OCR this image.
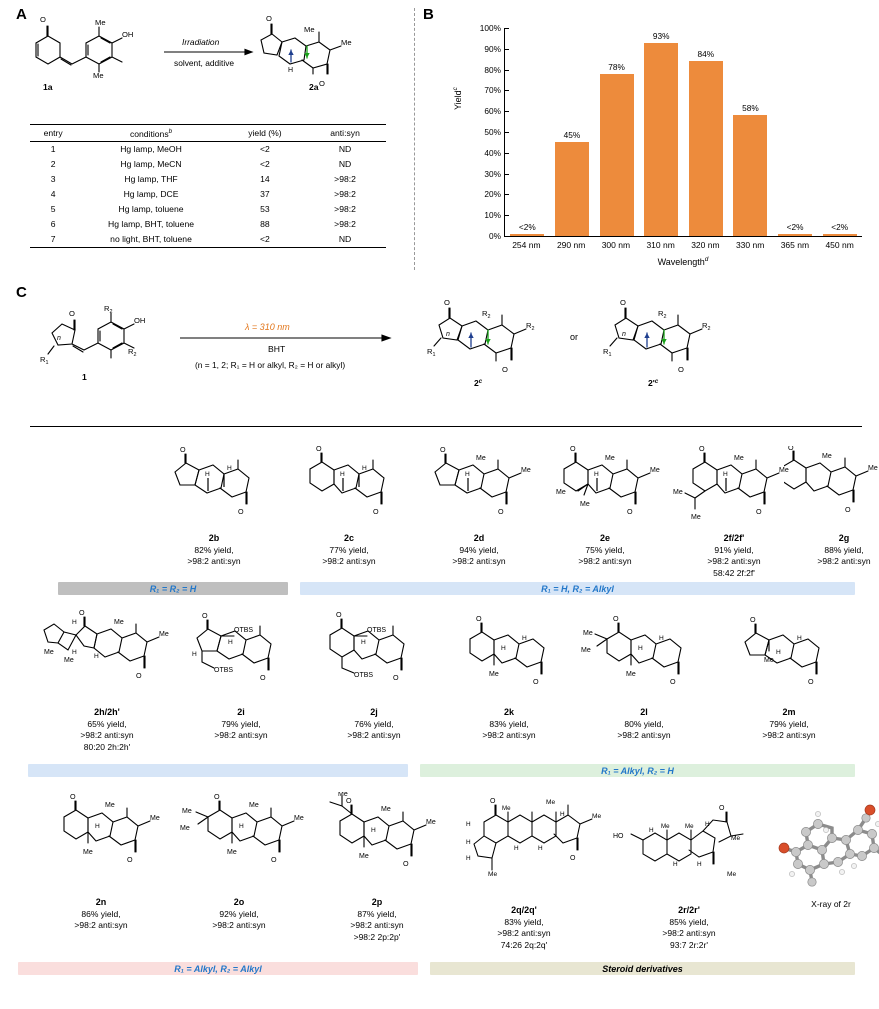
A O	Me
OH
Me
1a
Irradiation
solvent, additive
O
Me
Me
O
H
2a
entry	conditions$^b$	yield (%)	anti:syn
1	Hg lamp, MeOH	<2	ND
2	Hg lamp, MeCN	<2	ND
3	Hg lamp, THF	14	>98:2
4	Hg lamp, DCE	37	>98:2
5	Hg lamp, toluene	53	>98:2
6	Hg lamp, BHT, toluene	88	>98:2
7	no light, BHT, toluene	<2	ND
B
Yield$^c$
0%
10%
20%
30%
40%
50%
60%
70%
80%
90%
100%
<2%
45%
78%
93%
84%
58%
<2%	<2%
254 nm	290 nm	300 nm	310 nm	320 nm	330 nm	365 nm	450 nm
Wavelength$^d$
C
O
$R_2$
OH
$R_2$
n
$R_1$
1
λ = 310 nm
BHT
(n = 1, 2; R₁ = H or alkyl, R₂ = H or alkyl)
O
$R_2$
$R_2$
O
n
$R_1$
2$^c$
or
O
$R_2$
$R_2$
O
n
$R_1$
$2'^c$
O
O
H
H
2b
82% yield,
>98:2 anti:syn
O
O
H
H
2c
77% yield,
>98:2 anti:syn
O
O
Me
Me
H
2d
94% yield,
>98:2 anti:syn
O
O
Me
Me
Me
Me
H
2e
75% yield,
>98:2 anti:syn
O
O
Me
Me
Me
Me
H
2f/2f'
91% yield,
>98:2 anti:syn
58:42 2f:2f'
O
O
Me
Me
2g
88% yield,
>98:2 anti:syn
R₁ = R₂ = H	R₁ = H, R₂ = Alkyl
O
O
Me
Me
Me
Me
H
H
H
2h/2h'
65% yield,
>98:2 anti:syn
80:20 2h:2h'
O
O
OTBS
OTBS
H
H
2i
79% yield,
>98:2 anti:syn
O
O
OTBS
OTBS
H
2j
76% yield,
>98:2 anti:syn
O
O
Me
H
H
2k
83% yield,
>98:2 anti:syn
O
O
Me
Me
Me	H
H
2l
80% yield,
>98:2 anti:syn
O
O
Me
H
H
2m
79% yield,
>98:2 anti:syn
R₁ = Alkyl, R₂ = H
O
O
Me
Me
Me
H
2n
86% yield,
>98:2 anti:syn
O
O
Me
Me
Me
Me
Me	H
2o
92% yield,
>98:2 anti:syn
O
O
Me
Me
Me
Me
H
2p
87% yield,
>98:2 anti:syn
>98:2 2p:2p'
O	Me
Me
O
Me
Me
H
H
H
H	H
H
2q/2q'
83% yield,
>98:2 anti:syn
74:26 2q:2q'
O
Me
Me
HO
Me Me
H
H	H
H
2r/2r'
85% yield,
>98:2 anti:syn
93:7 2r:2r'
X-ray of 2r
R₁ = Alkyl, R₂ = Alkyl	Steroid derivatives
